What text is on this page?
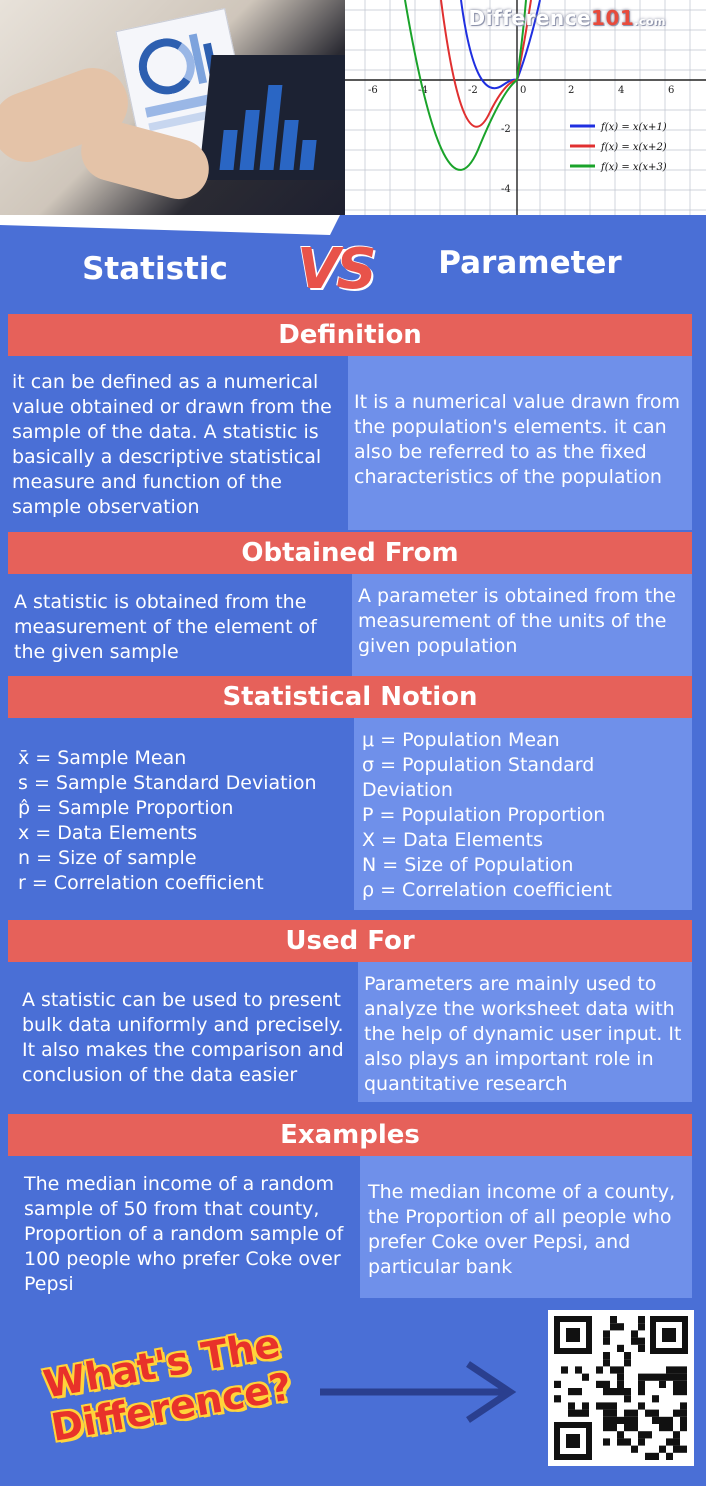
-6	-4	-2	0	2	4	6
-2
-4
f(x) = x(x+1)
f(x) = x(x+2)
f(x) = x(x+3)
Difference101.com
Statistic	VS	Parameter
Definition
it can be defined as a numerical
value obtained or drawn from the
sample of the data. A statistic is
basically a descriptive statistical
measure and function of the
sample observation
It is a numerical value drawn from
the population's elements. it can
also be referred to as the fixed
characteristics of the population
Obtained From
A statistic is obtained from the
measurement of the element of
the given sample
A parameter is obtained from the
measurement of the units of the
given population
Statistical Notion
x̄ = Sample Mean
s = Sample Standard Deviation
p̂ = Sample Proportion
x = Data Elements
n = Size of sample
r = Correlation coefficient
μ = Population Mean
σ = Population Standard
Deviation
P = Population Proportion
X = Data Elements
N = Size of Population
ρ = Correlation coefficient
Used For
A statistic can be used to present
bulk data uniformly and precisely.
It also makes the comparison and
conclusion of the data easier
Parameters are mainly used to
analyze the worksheet data with
the help of dynamic user input. It
also plays an important role in
quantitative research
Examples
The median income of a random
sample of 50 from that county,
Proportion of a random sample of
100 people who prefer Coke over
Pepsi
The median income of a county,
the Proportion of all people who
prefer Coke over Pepsi, and
particular bank
What's The Difference?
